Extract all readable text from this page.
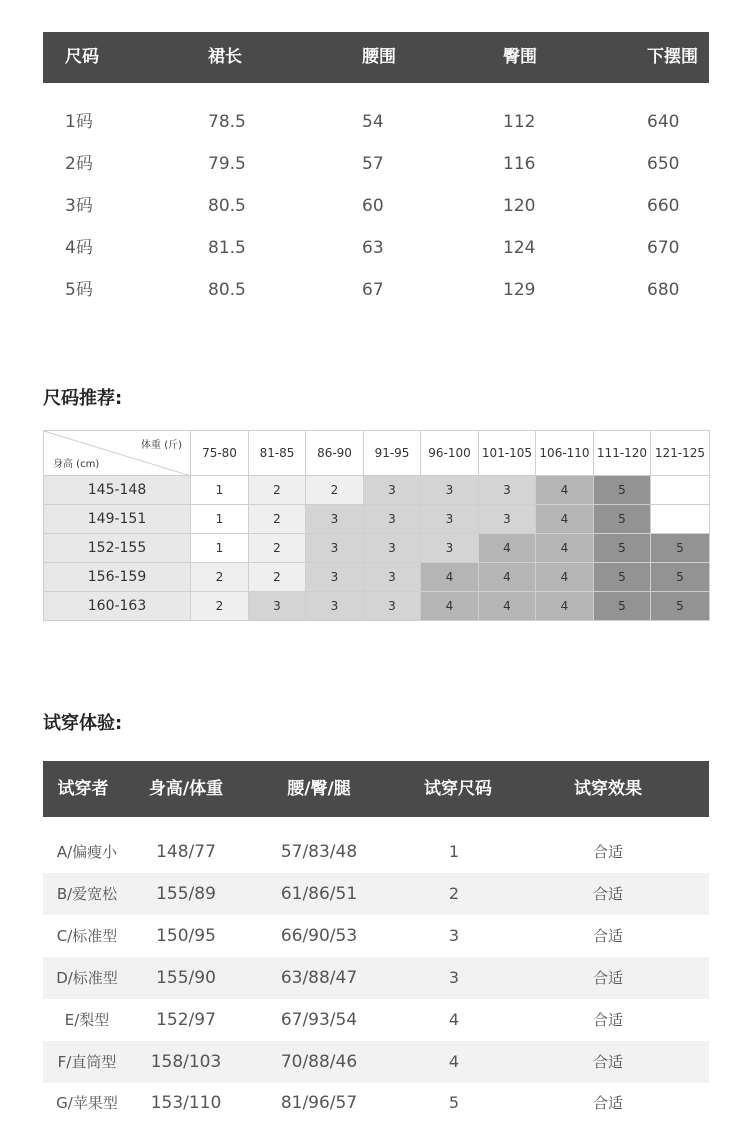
尺码	裙长	腰围	臀围	下摆围
1码	78.5	54	112	640
2码	79.5	57	116	650
3码	80.5	60	120	660
4码	81.5	63	124	670
5码	80.5	67	129	680
尺码推荐:
体重 (斤)
身高 (cm)	75-80	81-85	86-90	91-95	96-100	101-105	106-110	111-120	121-125
145-148	1	2	2	3	3	3	4	5	
149-151	1	2	3	3	3	3	4	5	
152-155	1	2	3	3	3	4	4	5	5
156-159	2	2	3	3	4	4	4	5	5
160-163	2	3	3	3	4	4	4	5	5
试穿体验:
试穿者 身高/体重	腰/臀/腿	试穿尺码	试穿效果
A/偏瘦小 148/77	57/83/48	1	合适
B/爱宽松 155/89	61/86/51	2	合适
C/标准型 150/95	66/90/53	3	合适
D/标准型 155/90	63/88/47	3	合适
E/梨型	152/97	67/93/54	4	合适
F/直筒型 158/103	70/88/46	4	合适
G/苹果型 153/110	81/96/57	5	合适
